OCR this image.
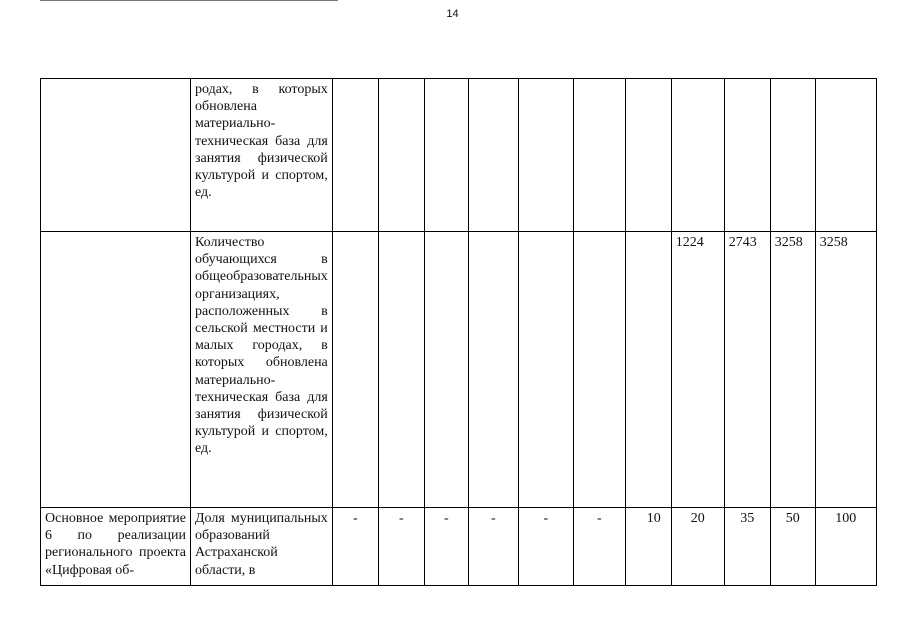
14
	родах, в которых обновлена материально-техническая база для занятия физической культурой и спортом, ед.											
	Количество обучающихся в общеобразовательных организациях, расположенных в сельской местности и малых городах, в которых обновлена материально-техническая база для занятия физической культурой и спортом, ед.								1224	2743	3258	3258
Основное мероприятие 6 по реализации регионального проекта «Цифровая об-	Доля муниципальных образований Астраханской области, в	-	-	-	-	-	-	10	20	35	50	100
